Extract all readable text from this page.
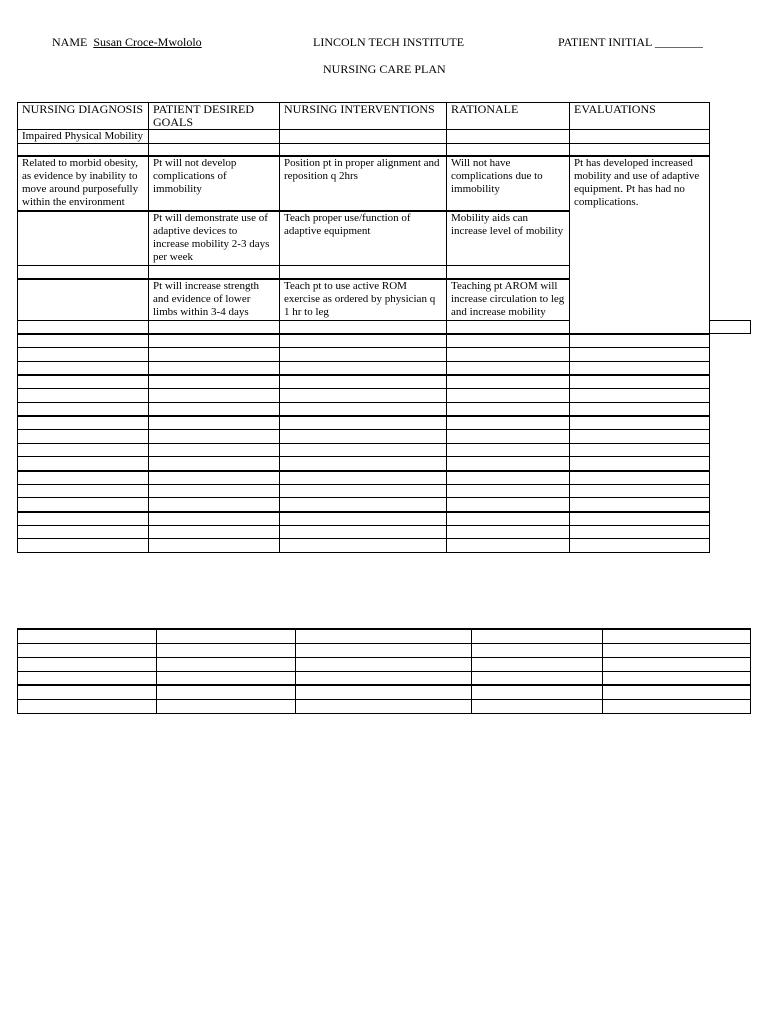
NAME Susan Croce-Mwololo	LINCOLN TECH INSTITUTE	PATIENT INITIAL ________
NURSING CARE PLAN
NURSING DIAGNOSIS	PATIENT DESIRED GOALS	NURSING INTERVENTIONS	RATIONALE	EVALUATIONS	
Impaired Physical Mobility					

Related to morbid obesity, as evidence by inability to move around purposefully within the environment	Pt will not develop complications of immobility	Position pt in proper alignment and reposition q 2hrs	Will not have complications due to immobility	Pt has developed increased mobility and use of adaptive equipment. Pt has had no complications.	
	Pt will demonstrate use of adaptive devices to increase mobility 2-3 days per week	Teach proper use/function of adaptive equipment	Mobility aids can increase level of mobility		

	Pt will increase strength and evidence of lower limbs within 3-4 days	Teach pt to use active ROM exercise as ordered by physician q 1 hr to leg	Teaching pt AROM will increase circulation to leg and increase mobility		
